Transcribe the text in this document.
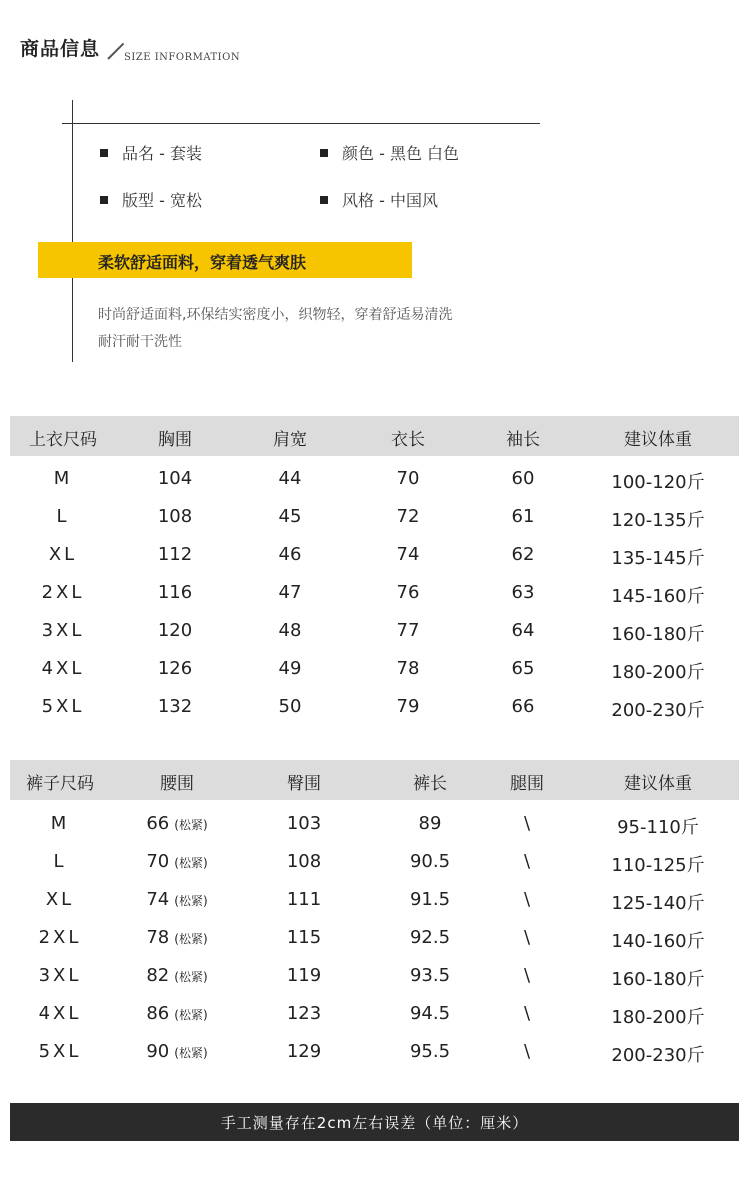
商品信息 SIZE INFORMATION
品名 - 套装	颜色 - 黑色 白色
版型 - 宽松	风格 - 中国风
柔软舒适面料，穿着透气爽肤
时尚舒适面料,环保结实密度小，织物轻，穿着舒适易清洗
耐汗耐干洗性
上衣尺码	胸围	肩宽	衣长	袖长	建议体重
M	104	44	70	60	100-120斤
L	108	45	72	61	120-135斤
XL	112	46	74	62	135-145斤
2XL	116	47	76	63	145-160斤
3XL	120	48	77	64	160-180斤
4XL	126	49	78	65	180-200斤
5XL	132	50	79	66	200-230斤
裤子尺码	腰围	臀围	裤长	腿围	建议体重
M	66 (松紧)	103	89	\	95-110斤
L	70 (松紧)	108	90.5	\	110-125斤
XL	74 (松紧)	111	91.5	\	125-140斤
2XL	78 (松紧)	115	92.5	\	140-160斤
3XL	82 (松紧)	119	93.5	\	160-180斤
4XL	86 (松紧)	123	94.5	\	180-200斤
5XL	90 (松紧)	129	95.5	\	200-230斤
手工测量存在2cm左右误差（单位：厘米）
